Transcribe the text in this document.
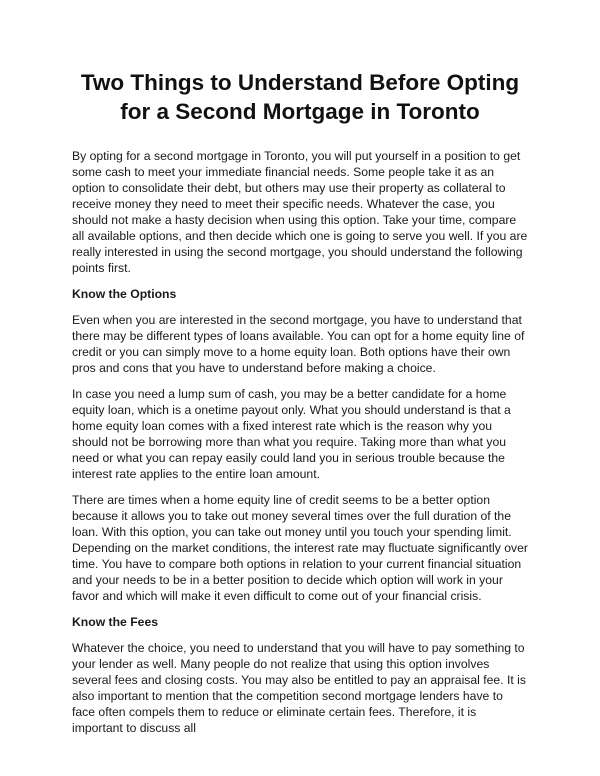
Two Things to Understand Before Opting for a Second Mortgage in Toronto

By opting for a second mortgage in Toronto, you will put yourself in a position to get some cash to meet your immediate financial needs. Some people take it as an option to consolidate their debt, but others may use their property as collateral to receive money they need to meet their specific needs. Whatever the case, you should not make a hasty decision when using this option. Take your time, compare all available options, and then decide which one is going to serve you well. If you are really interested in using the second mortgage, you should understand the following points first.

Know the Options

Even when you are interested in the second mortgage, you have to understand that there may be different types of loans available. You can opt for a home equity line of credit or you can simply move to a home equity loan. Both options have their own pros and cons that you have to understand before making a choice.

In case you need a lump sum of cash, you may be a better candidate for a home equity loan, which is a onetime payout only. What you should understand is that a home equity loan comes with a fixed interest rate which is the reason why you should not be borrowing more than what you require. Taking more than what you need or what you can repay easily could land you in serious trouble because the interest rate applies to the entire loan amount.

There are times when a home equity line of credit seems to be a better option because it allows you to take out money several times over the full duration of the loan. With this option, you can take out money until you touch your spending limit. Depending on the market conditions, the interest rate may fluctuate significantly over time. You have to compare both options in relation to your current financial situation and your needs to be in a better position to decide which option will work in your favor and which will make it even difficult to come out of your financial crisis.

Know the Fees

Whatever the choice, you need to understand that you will have to pay something to your lender as well. Many people do not realize that using this option involves several fees and closing costs. You may also be entitled to pay an appraisal fee. It is also important to mention that the competition second mortgage lenders have to face often compels them to reduce or eliminate certain fees. Therefore, it is important to discuss all
